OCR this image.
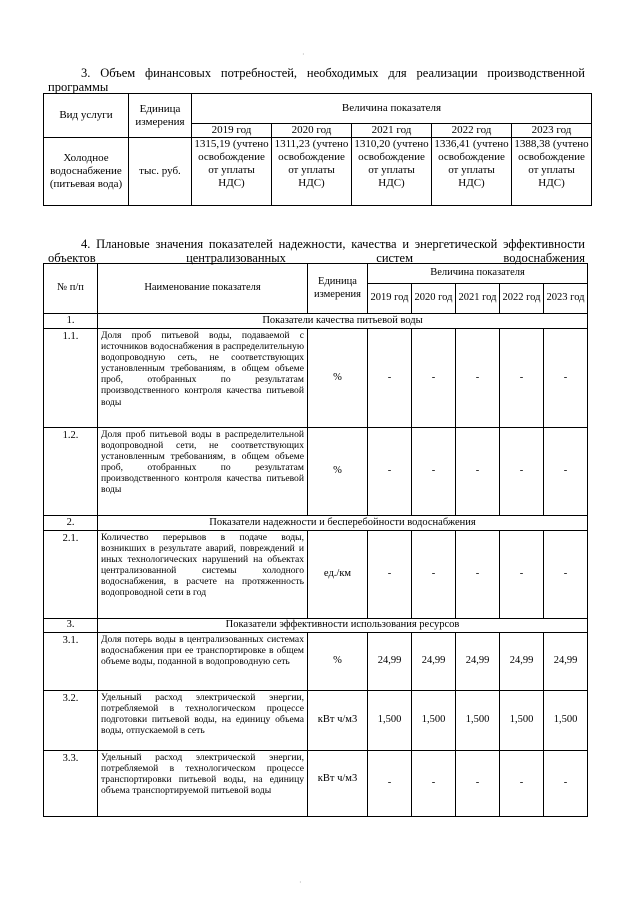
·
·
3. Объем финансовых потребностей, необходимых для реализации производственной программы
Вид услуги	Единица измерения	Величина показателя				
		2019 год	2020 год	2021 год	2022 год	2023 год
Холодное водоснабжение (питьевая вода)	тыс. руб.	1315,19 (учтено освобождение от уплаты НДС)	1311,23 (учтено освобождение от уплаты НДС)	1310,20 (учтено освобождение от уплаты НДС)	1336,41 (учтено освобождение от уплаты НДС)	1388,38 (учтено освобождение от уплаты НДС)
4. Плановые значения показателей надежности, качества и энергетической эффективности объектов централизованных систем водоснабжения
№ п/п	Наименование показателя	Единица измерения	Величина показателя				
			2019 год	2020 год	2021 год	2022 год	2023 год
1.	Показатели качества питьевой воды						
1.1.	Доля проб питьевой воды, подаваемой с источников водоснабжения в распределительную водопроводную сеть, не соответствующих установленным требованиям, в общем объеме проб, отобранных по результатам производственного контроля качества питьевой воды	%	-	-	-	-	-
1.2.	Доля проб питьевой воды в распределительной водопроводной сети, не соответствующих установленным требованиям, в общем объеме проб, отобранных по результатам производственного контроля качества питьевой воды	%	-	-	-	-	-
2.	Показатели надежности и бесперебойности водоснабжения						
2.1.	Количество перерывов в подаче воды, возникших в результате аварий, повреждений и иных технологических нарушений на объектах централизованной системы холодного водоснабжения, в расчете на протяженность водопроводной сети в год	ед./км	-	-	-	-	-
3.	Показатели эффективности использования ресурсов						
3.1.	Доля потерь воды в централизованных системах водоснабжения при ее транспортировке в общем объеме воды, поданной в водопроводную сеть	%	24,99	24,99	24,99	24,99	24,99
3.2.	Удельный расход электрической энергии, потребляемой в технологическом процессе подготовки питьевой воды, на единицу объема воды, отпускаемой в сеть	кВт ч/м3	1,500	1,500	1,500	1,500	1,500
3.3.	Удельный расход электрической энергии, потребляемой в технологическом процессе транспортировки питьевой воды, на единицу объема транспортируемой питьевой воды	кВт ч/м3	-	-	-	-	-
